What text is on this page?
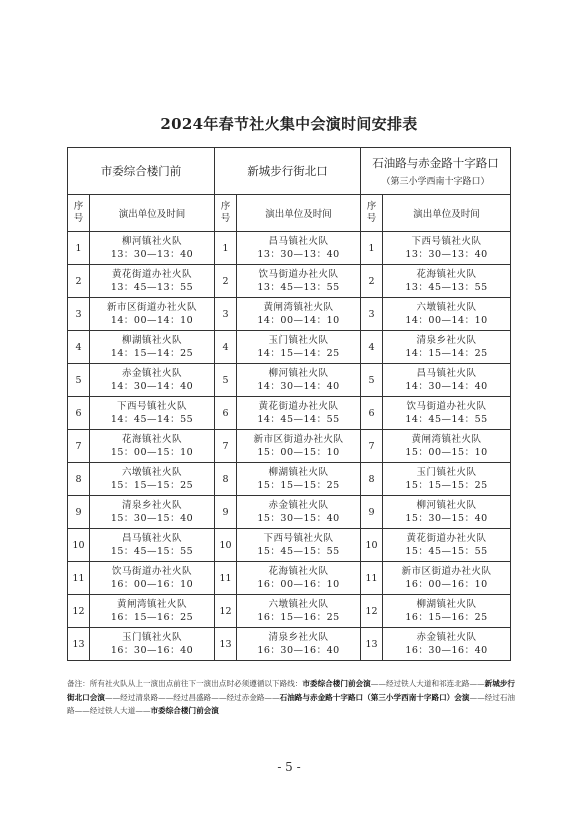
2024年春节社火集中会演时间安排表
市委综合楼门前		新城步行街北口		石油路与赤金路十字路口
（第三小学西南十字路口）	

序
号	演出单位及时间	序
号	演出单位及时间	序
号	演出单位及时间
1	柳河镇社火队
13：30—13：40	1	昌马镇社火队
13：30—13：40	1	下西号镇社火队
13：30—13：40

2	黄花街道办社火队
13：45—13：55	2	饮马街道办社火队
13：45—13：55	2	花海镇社火队
13：45—13：55

3	新市区街道办社火队
14：00—14：10	3	黄闸湾镇社火队
14：00—14：10	3	六墩镇社火队
14：00—14：10

4	柳湖镇社火队
14：15—14：25	4	玉门镇社火队
14：15—14：25	4	清泉乡社火队
14：15—14：25

5	赤金镇社火队
14：30—14：40	5	柳河镇社火队
14：30—14：40	5	昌马镇社火队
14：30—14：40

6	下西号镇社火队
14：45—14：55	6	黄花街道办社火队
14：45—14：55	6	饮马街道办社火队
14：45—14：55

7	花海镇社火队
15：00—15：10	7	新市区街道办社火队
15：00—15：10	7	黄闸湾镇社火队
15：00—15：10

8	六墩镇社火队
15：15—15：25	8	柳湖镇社火队
15：15—15：25	8	玉门镇社火队
15：15—15：25

9	清泉乡社火队
15：30—15：40	9	赤金镇社火队
15：30—15：40	9	柳河镇社火队
15：30—15：40

10	昌马镇社火队
15：45—15：55	10	下西号镇社火队
15：45—15：55	10	黄花街道办社火队
15：45—15：55

11	饮马街道办社火队
16：00—16：10	11	花海镇社火队
16：00—16：10	11	新市区街道办社火队
16：00—16：10

12	黄闸湾镇社火队
16：15—16：25	12	六墩镇社火队
16：15—16：25	12	柳湖镇社火队
16：15—16：25

13	玉门镇社火队
16：30—16：40	13	清泉乡社火队
16：30—16：40	13	赤金镇社火队
16：30—16：40
备注：所有社火队从上一演出点前往下一演出点时必须遵循以下路线：市委综合楼门前会演——经过铁人大道和祁连北路——新城步行街北口会演——经过清泉路——经过昌盛路——经过赤金路——石油路与赤金路十字路口（第三小学西南十字路口）会演——经过石油路——经过铁人大道——市委综合楼门前会演
- 5 -
